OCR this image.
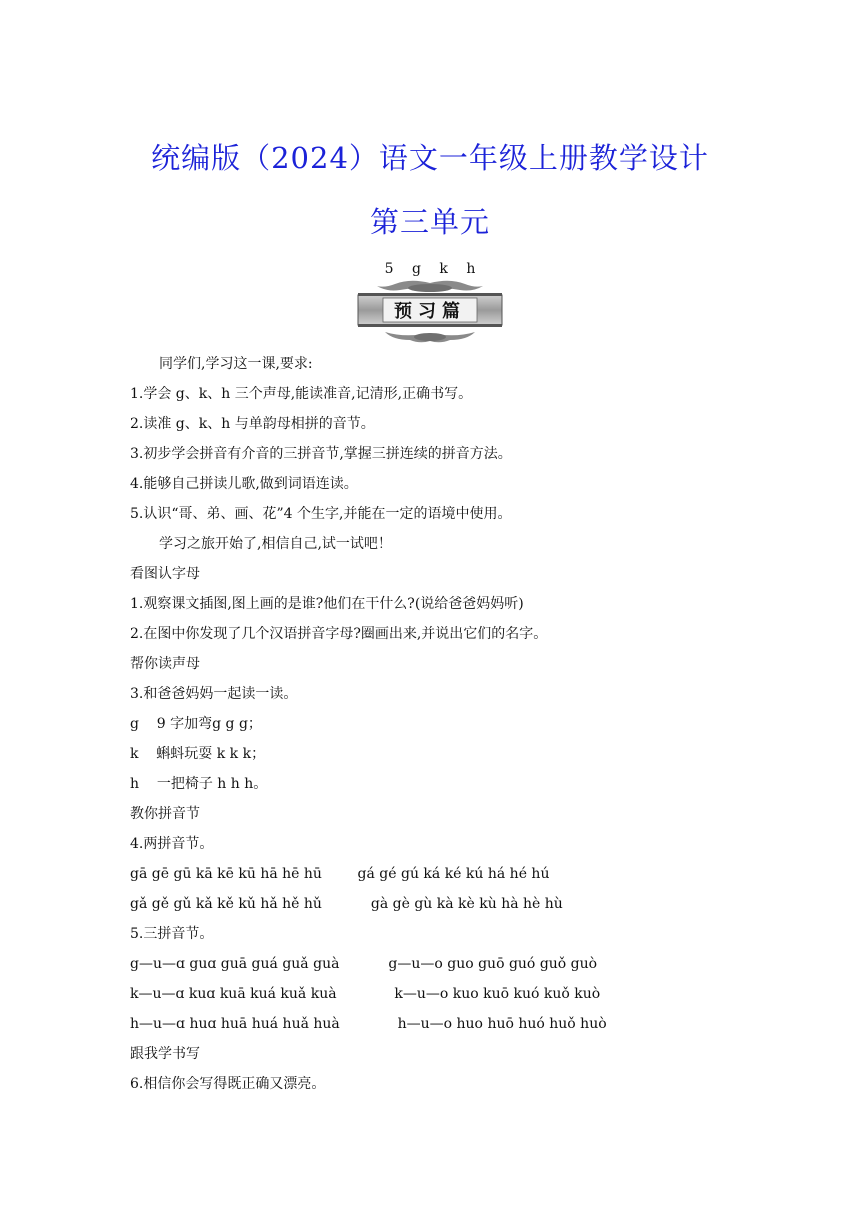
统编版（2024）语文一年级上册教学设计
第三单元
5 g k h
预习篇
同学们,学习这一课,要求:
1.学会 g、k、h 三个声母,能读准音,记清形,正确书写。
2.读准 g、k、h 与单韵母相拼的音节。
3.初步学会拼音有介音的三拼音节,掌握三拼连续的拼音方法。
4.能够自己拼读儿歌,做到词语连读。
5.认识“哥、弟、画、花”4 个生字,并能在一定的语境中使用。
学习之旅开始了,相信自己,试一试吧！
看图认字母
1.观察课文插图,图上画的是谁?他们在干什么?(说给爸爸妈妈听)
2.在图中你发现了几个汉语拼音字母?圈画出来,并说出它们的名字。
帮你读声母
3.和爸爸妈妈一起读一读。
g    9 字加弯g g g；
k    蝌蚪玩耍 k k k；
h    一把椅子 h h h。
教你拼音节
4.两拼音节。
gā gē gū kā kē kū hā hē hū        gá gé gú ká ké kú há hé hú
gǎ gě gǔ kǎ kě kǔ hǎ hě hǔ           gà gè gù kà kè kù hà hè hù
5.三拼音节。
g—u—ɑ guɑ guā guá guǎ guà           g—u—o guo guō guó guǒ guò
k—u—ɑ kuɑ kuā kuá kuǎ kuà             k—u—o kuo kuō kuó kuǒ kuò
h—u—ɑ huɑ huā huá huǎ huà             h—u—o huo huō huó huǒ huò
跟我学书写
6.相信你会写得既正确又漂亮。
